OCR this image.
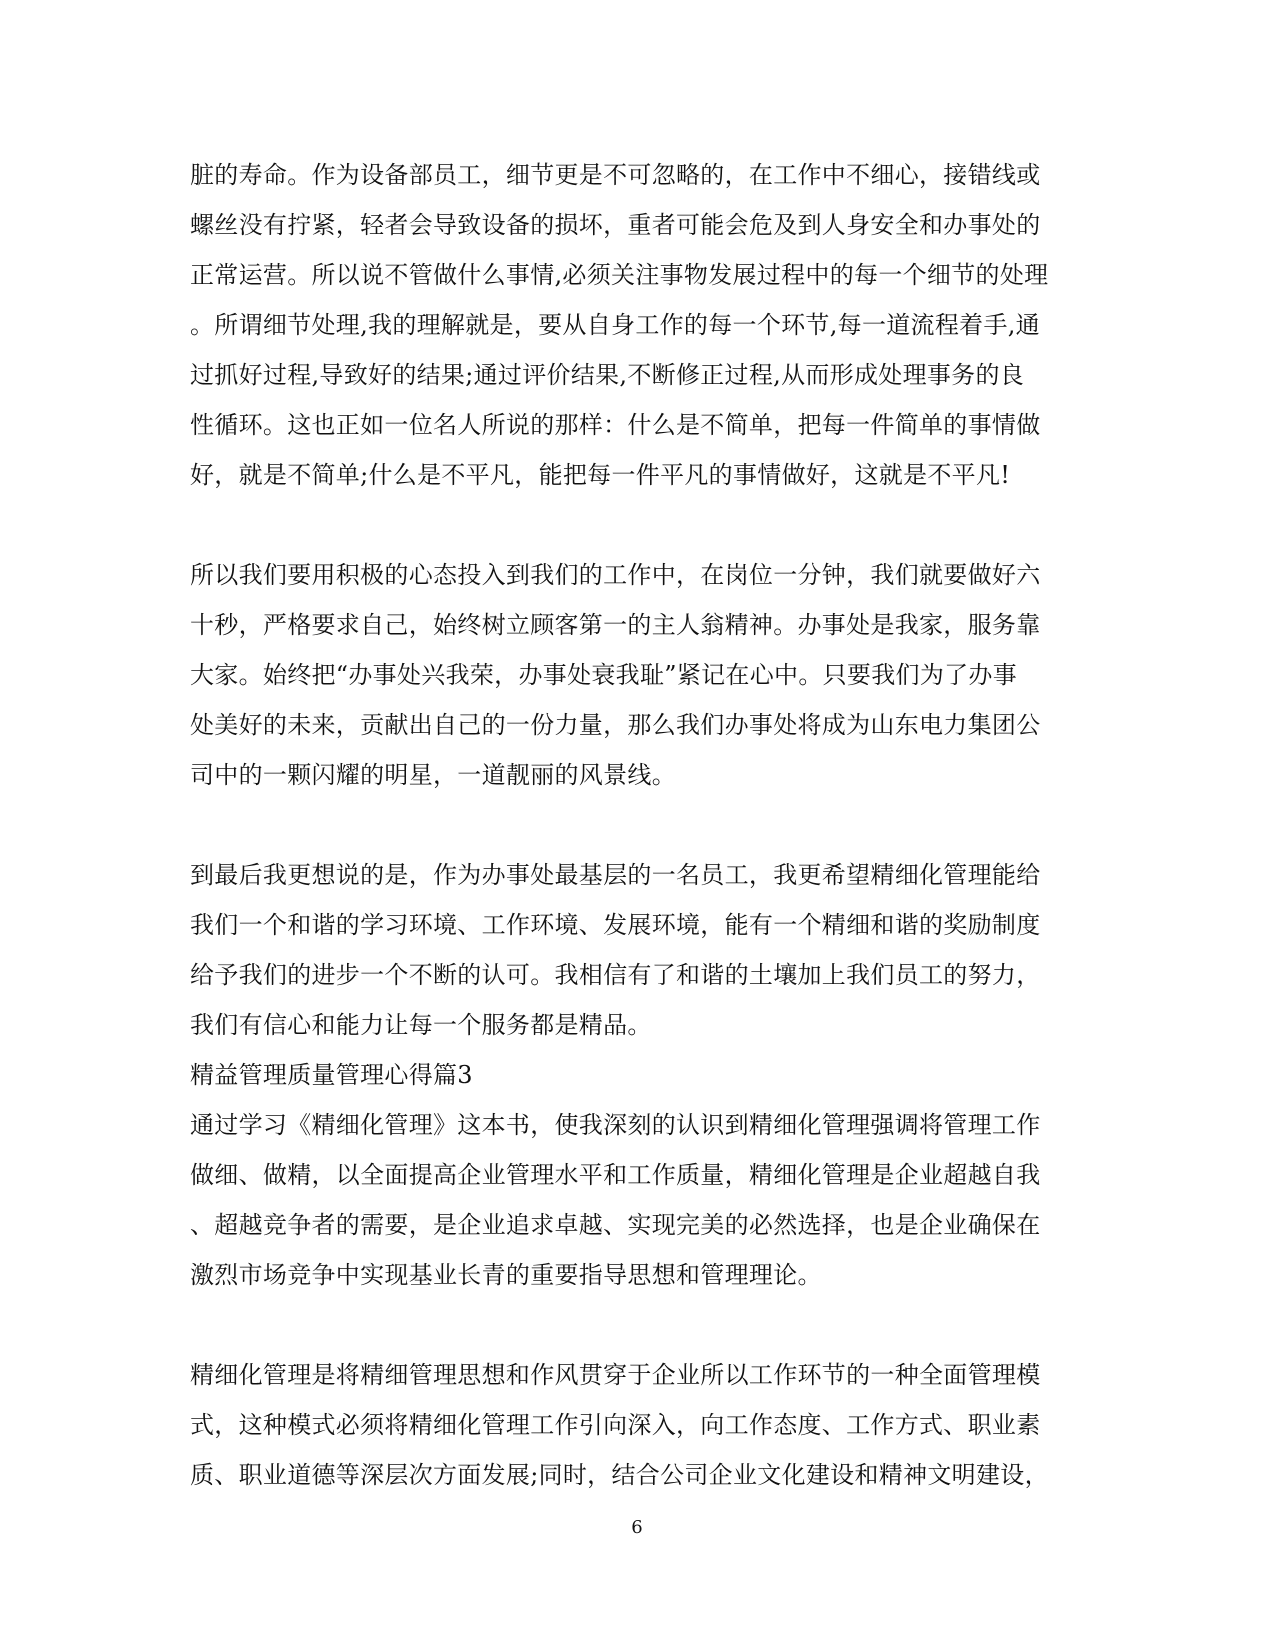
脏的寿命。作为设备部员工，细节更是不可忽略的，在工作中不细心，接错线或
螺丝没有拧紧，轻者会导致设备的损坏，重者可能会危及到人身安全和办事处的
正常运营。所以说不管做什么事情,必须关注事物发展过程中的每一个细节的处理
。所谓细节处理,我的理解就是，要从自身工作的每一个环节,每一道流程着手,通
过抓好过程,导致好的结果;通过评价结果,不断修正过程,从而形成处理事务的良
性循环。这也正如一位名人所说的那样：什么是不简单，把每一件简单的事情做
好，就是不简单;什么是不平凡，能把每一件平凡的事情做好，这就是不平凡!
所以我们要用积极的心态投入到我们的工作中，在岗位一分钟，我们就要做好六
十秒，严格要求自己，始终树立顾客第一的主人翁精神。办事处是我家，服务靠
大家。始终把“办事处兴我荣，办事处衰我耻”紧记在心中。只要我们为了办事
处美好的未来，贡献出自己的一份力量，那么我们办事处将成为山东电力集团公
司中的一颗闪耀的明星，一道靓丽的风景线。
到最后我更想说的是，作为办事处最基层的一名员工，我更希望精细化管理能给
我们一个和谐的学习环境、工作环境、发展环境，能有一个精细和谐的奖励制度
给予我们的进步一个不断的认可。我相信有了和谐的土壤加上我们员工的努力，
我们有信心和能力让每一个服务都是精品。
精益管理质量管理心得篇3
通过学习《精细化管理》这本书，使我深刻的认识到精细化管理强调将管理工作
做细、做精，以全面提高企业管理水平和工作质量，精细化管理是企业超越自我
、超越竞争者的需要，是企业追求卓越、实现完美的必然选择，也是企业确保在
激烈市场竞争中实现基业长青的重要指导思想和管理理论。
精细化管理是将精细管理思想和作风贯穿于企业所以工作环节的一种全面管理模
式，这种模式必须将精细化管理工作引向深入，向工作态度、工作方式、职业素
质、职业道德等深层次方面发展;同时，结合公司企业文化建设和精神文明建设，
6
